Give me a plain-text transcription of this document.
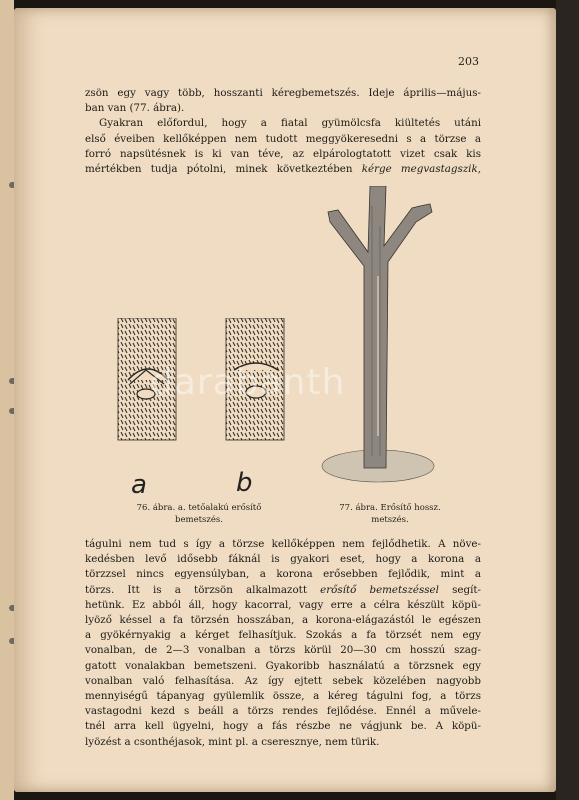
203
zsön egy vagy több, hosszanti kéregbemetszés. Ideje április—május-
ban van (77. ábra).
Gyakran előfordul, hogy a fiatal gyümölcsfa kiültetés utáni
első éveiben kellőképpen nem tudott meggyökeresedni s a törzse a
forró napsütésnek is ki van téve, az elpárologtatott vizet csak kis
mértékben tudja pótolni, minek következtében kérge megvastagszik,
a	b
76. ábra. a. tetőalakú erősítő
bemetszés.
77. ábra. Erősítő hossz.
metszés.
darabanth
tágulni nem tud s így a törzse kellőképpen nem fejlődhetik. A növe-
kedésben levő idősebb fáknál is gyakori eset, hogy a korona a
törzzsel nincs egyensúlyban, a korona erősebben fejlődik, mint a
törzs. Itt is a törzsön alkalmazott erősítő bemetszéssel segít-
hetünk. Ez abból áll, hogy kacorral, vagy erre a célra készült köpü-
lyöző késsel a fa törzsén hosszában, a korona-elágazástól le egészen
a gyökérnyakig a kérget felhasítjuk. Szokás a fa törzsét nem egy
vonalban, de 2—3 vonalban a törzs körül 20—30 cm hosszú szag-
gatott vonalakban bemetszeni. Gyakoribb használatú a törzsnek egy
vonalban való felhasítása. Az így ejtett sebek közelében nagyobb
mennyiségű tápanyag gyülemlik össze, a kéreg tágulni fog, a törzs
vastagodni kezd s beáll a törzs rendes fejlődése. Ennél a művele-
tnél arra kell ügyelni, hogy a fás részbe ne vágjunk be. A köpü-
lyözést a csonthéjasok, mint pl. a cseresznye, nem türik.
